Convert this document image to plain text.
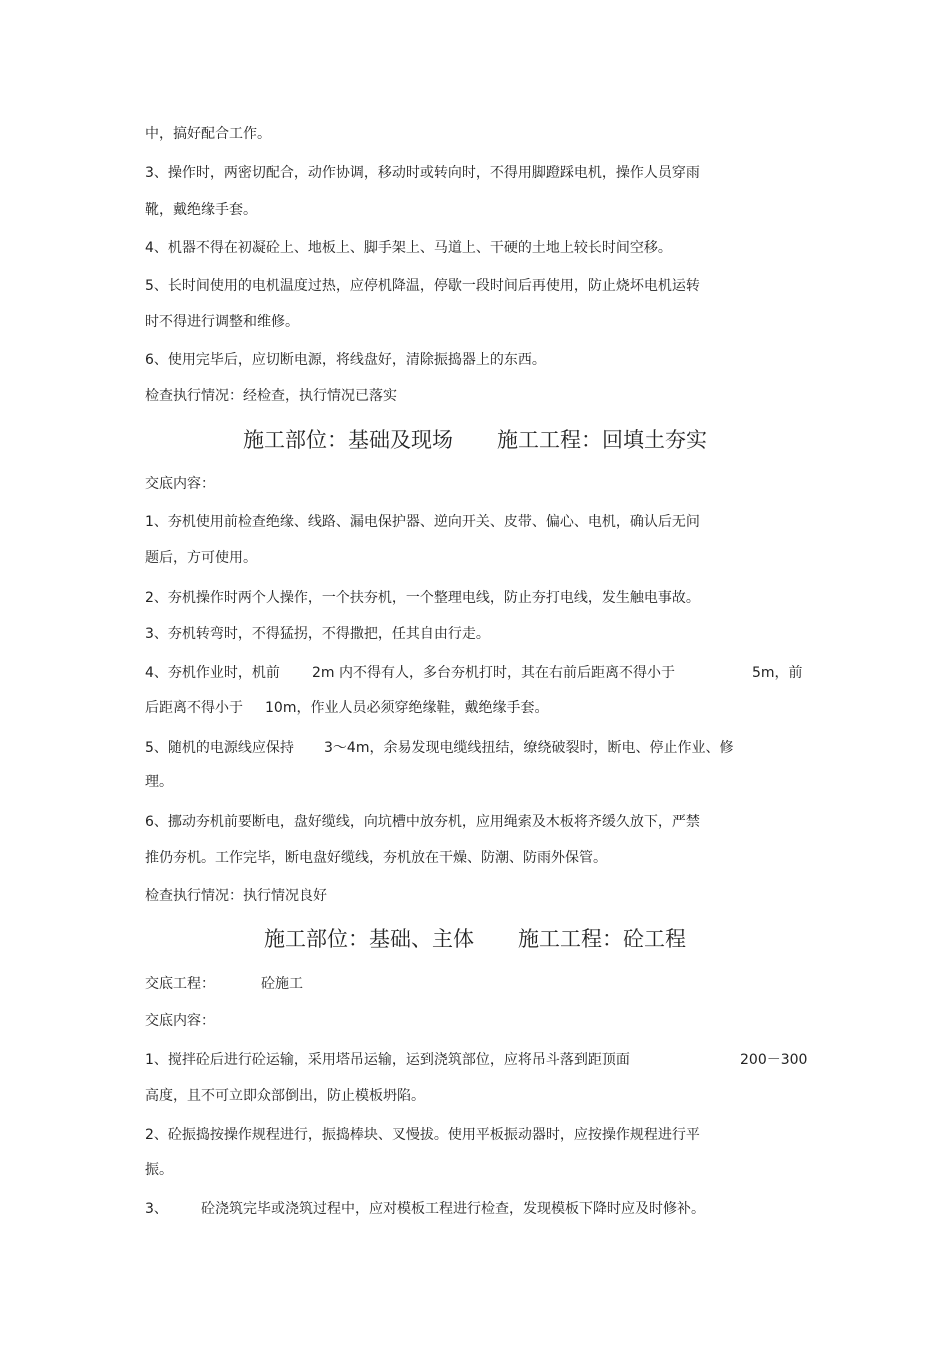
中，搞好配合工作。
3、操作时，两密切配合，动作协调，移动时或转向时，不得用脚蹬踩电机，操作人员穿雨
靴，戴绝缘手套。
4、机器不得在初凝砼上、地板上、脚手架上、马道上、干硬的土地上较长时间空移。
5、长时间使用的电机温度过热，应停机降温，停歇一段时间后再使用，防止烧坏电机运转
时不得进行调整和维修。
6、使用完毕后，应切断电源，将线盘好，清除振捣器上的东西。
检查执行情况：经检查，执行情况已落实
施工部位：基础及现场 施工工程：回填土夯实
交底内容：
1、夯机使用前检查绝缘、线路、漏电保护器、逆向开关、皮带、偏心、电机，确认后无问
题后，方可使用。
2、夯机操作时两个人操作，一个扶夯机，一个整理电线，防止夯打电线，发生触电事故。
3、夯机转弯时，不得猛拐，不得撒把，任其自由行走。
4、夯机作业时，机前 2m 内不得有人，多台夯机打时，其在右前后距离不得小于	5m，前
后距离不得小于 10m，作业人员必须穿绝缘鞋，戴绝缘手套。
5、随机的电源线应保持 3～4m，余易发现电缆线扭结，缭绕破裂时，断电、停止作业、修
理。
6、挪动夯机前要断电，盘好缆线，向坑槽中放夯机，应用绳索及木板将齐缓久放下，严禁
推仍夯机。工作完毕，断电盘好缆线，夯机放在干燥、防潮、防雨外保管。
检查执行情况：执行情况良好
施工部位：基础、主体 施工工程：砼工程
交底工程：	砼施工
交底内容：
1、搅拌砼后进行砼运输，采用塔吊运输，运到浇筑部位，应将吊斗落到距顶面	200－300
高度，且不可立即众部倒出，防止模板坍陷。
2、砼振捣按操作规程进行，振捣棒块、叉慢拔。使用平板振动器时，应按操作规程进行平
振。
3、 砼浇筑完毕或浇筑过程中，应对模板工程进行检查，发现模板下降时应及时修补。
